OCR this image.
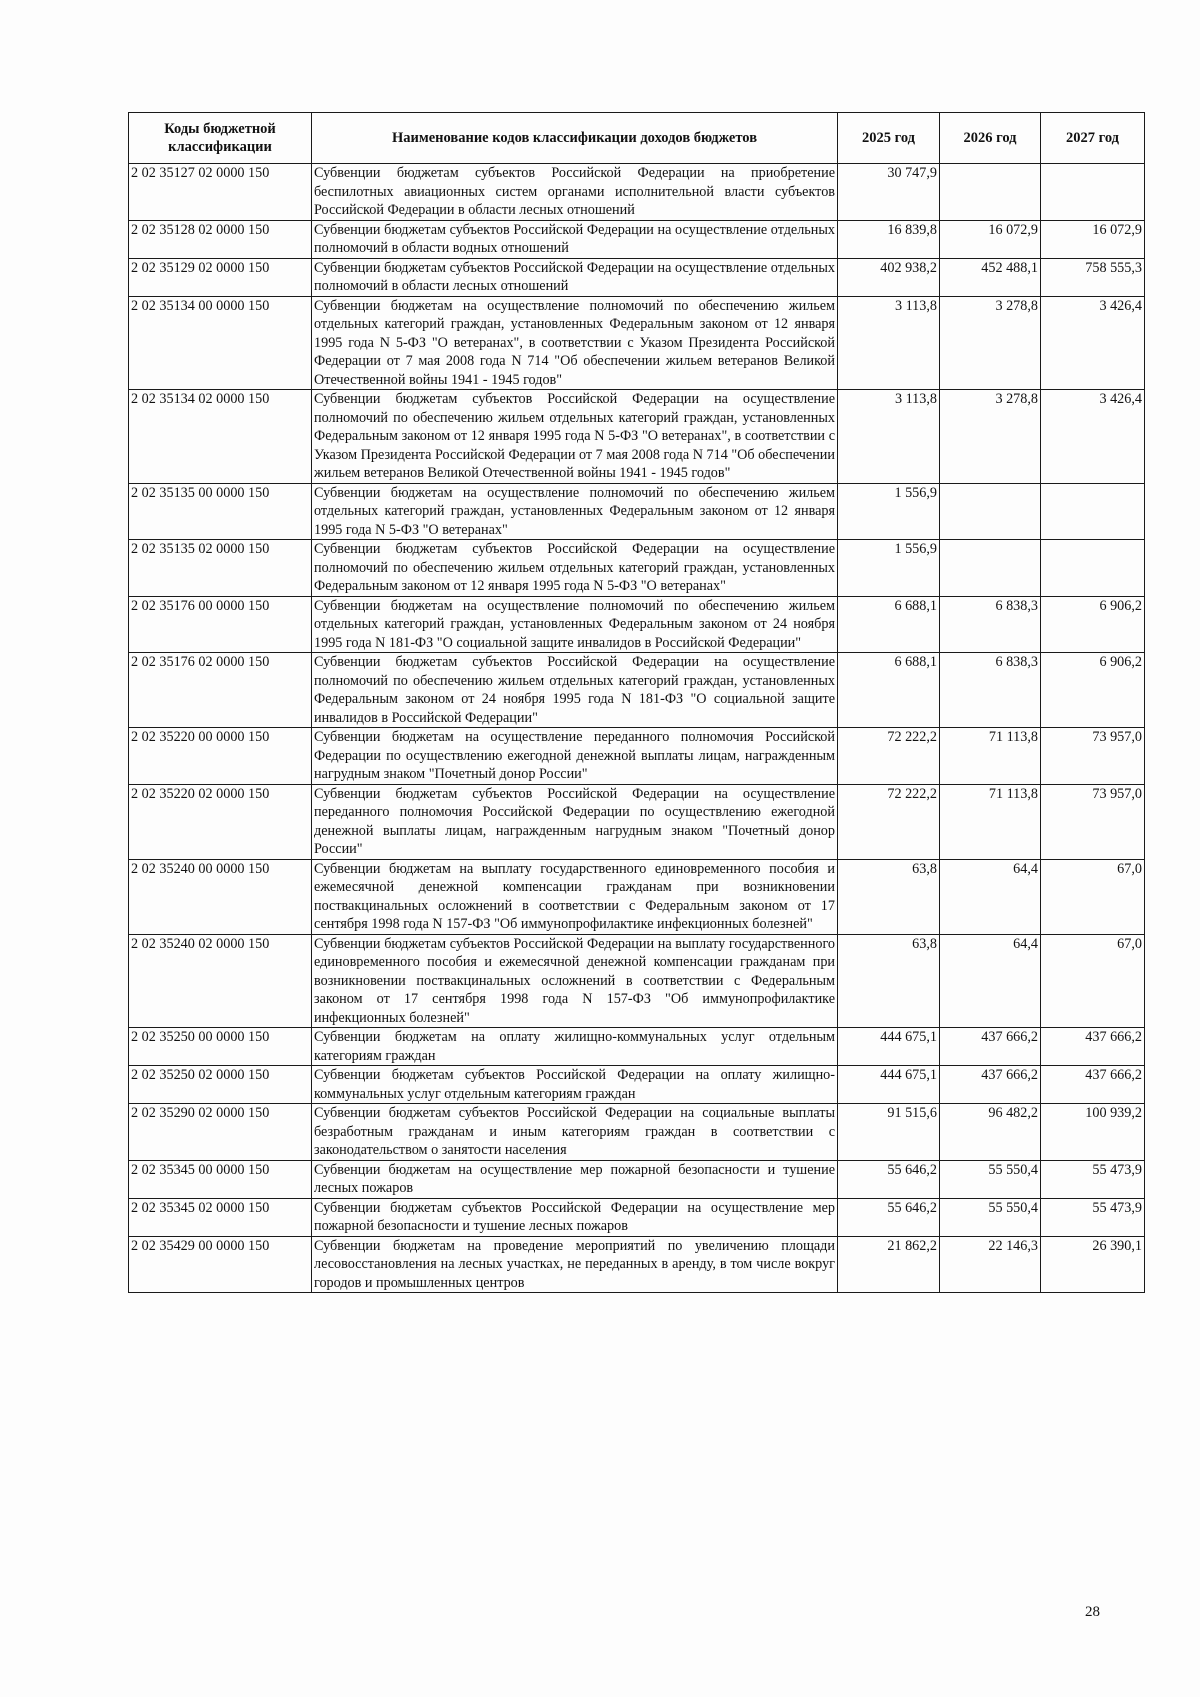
Коды бюджетной классификации	Наименование кодов классификации доходов бюджетов	2025 год	2026 год	2027 год
2 02 35127 02 0000 150	Субвенции бюджетам субъектов Российской Федерации на приобретение беспилотных авиационных систем органами исполнительной власти субъектов Российской Федерации в области лесных отношений	30 747,9		
2 02 35128 02 0000 150	Субвенции бюджетам субъектов Российской Федерации на осуществление отдельных полномочий в области водных отношений	16 839,8	16 072,9	16 072,9
2 02 35129 02 0000 150	Субвенции бюджетам субъектов Российской Федерации на осуществление отдельных полномочий в области лесных отношений	402 938,2	452 488,1	758 555,3
2 02 35134 00 0000 150	Субвенции бюджетам на осуществление полномочий по обеспечению жильем отдельных категорий граждан, установленных Федеральным законом от 12 января 1995 года N 5-ФЗ "О ветеранах", в соответствии с Указом Президента Российской Федерации от 7 мая 2008 года N 714 "Об обеспечении жильем ветеранов Великой Отечественной войны 1941 - 1945 годов"	3 113,8	3 278,8	3 426,4
2 02 35134 02 0000 150	Субвенции бюджетам субъектов Российской Федерации на осуществление полномочий по обеспечению жильем отдельных категорий граждан, установленных Федеральным законом от 12 января 1995 года N 5-ФЗ "О ветеранах", в соответствии с Указом Президента Российской Федерации от 7 мая 2008 года N 714 "Об обеспечении жильем ветеранов Великой Отечественной войны 1941 - 1945 годов"	3 113,8	3 278,8	3 426,4
2 02 35135 00 0000 150	Субвенции бюджетам на осуществление полномочий по обеспечению жильем отдельных категорий граждан, установленных Федеральным законом от 12 января 1995 года N 5-ФЗ "О ветеранах"	1 556,9		
2 02 35135 02 0000 150	Субвенции бюджетам субъектов Российской Федерации на осуществление полномочий по обеспечению жильем отдельных категорий граждан, установленных Федеральным законом от 12 января 1995 года N 5-ФЗ "О ветеранах"	1 556,9		
2 02 35176 00 0000 150	Субвенции бюджетам на осуществление полномочий по обеспечению жильем отдельных категорий граждан, установленных Федеральным законом от 24 ноября 1995 года N 181-ФЗ "О социальной защите инвалидов в Российской Федерации"	6 688,1	6 838,3	6 906,2
2 02 35176 02 0000 150	Субвенции бюджетам субъектов Российской Федерации на осуществление полномочий по обеспечению жильем отдельных категорий граждан, установленных Федеральным законом от 24 ноября 1995 года N 181-ФЗ "О социальной защите инвалидов в Российской Федерации"	6 688,1	6 838,3	6 906,2
2 02 35220 00 0000 150	Субвенции бюджетам на осуществление переданного полномочия Российской Федерации по осуществлению ежегодной денежной выплаты лицам, награжденным нагрудным знаком "Почетный донор России"	72 222,2	71 113,8	73 957,0
2 02 35220 02 0000 150	Субвенции бюджетам субъектов Российской Федерации на осуществление переданного полномочия Российской Федерации по осуществлению ежегодной денежной выплаты лицам, награжденным нагрудным знаком "Почетный донор России"	72 222,2	71 113,8	73 957,0
2 02 35240 00 0000 150	Субвенции бюджетам на выплату государственного единовременного пособия и ежемесячной денежной компенсации гражданам при возникновении поствакцинальных осложнений в соответствии с Федеральным законом от 17 сентября 1998 года N 157-ФЗ "Об иммунопрофилактике инфекционных болезней"	63,8	64,4	67,0
2 02 35240 02 0000 150	Субвенции бюджетам субъектов Российской Федерации на выплату государственного единовременного пособия и ежемесячной денежной компенсации гражданам при возникновении поствакцинальных осложнений в соответствии с Федеральным законом от 17 сентября 1998 года N 157-ФЗ "Об иммунопрофилактике инфекционных болезней"	63,8	64,4	67,0
2 02 35250 00 0000 150	Субвенции бюджетам на оплату жилищно-коммунальных услуг отдельным категориям граждан	444 675,1	437 666,2	437 666,2
2 02 35250 02 0000 150	Субвенции бюджетам субъектов Российской Федерации на оплату жилищно-коммунальных услуг отдельным категориям граждан	444 675,1	437 666,2	437 666,2
2 02 35290 02 0000 150	Субвенции бюджетам субъектов Российской Федерации на социальные выплаты безработным гражданам и иным категориям граждан в соответствии с законодательством о занятости населения	91 515,6	96 482,2	100 939,2
2 02 35345 00 0000 150	Субвенции бюджетам на осуществление мер пожарной безопасности и тушение лесных пожаров	55 646,2	55 550,4	55 473,9
2 02 35345 02 0000 150	Субвенции бюджетам субъектов Российской Федерации на осуществление мер пожарной безопасности и тушение лесных пожаров	55 646,2	55 550,4	55 473,9
2 02 35429 00 0000 150	Субвенции бюджетам на проведение мероприятий по увеличению площади лесовосстановления на лесных участках, не переданных в аренду, в том числе вокруг городов и промышленных центров	21 862,2	22 146,3	26 390,1
28
